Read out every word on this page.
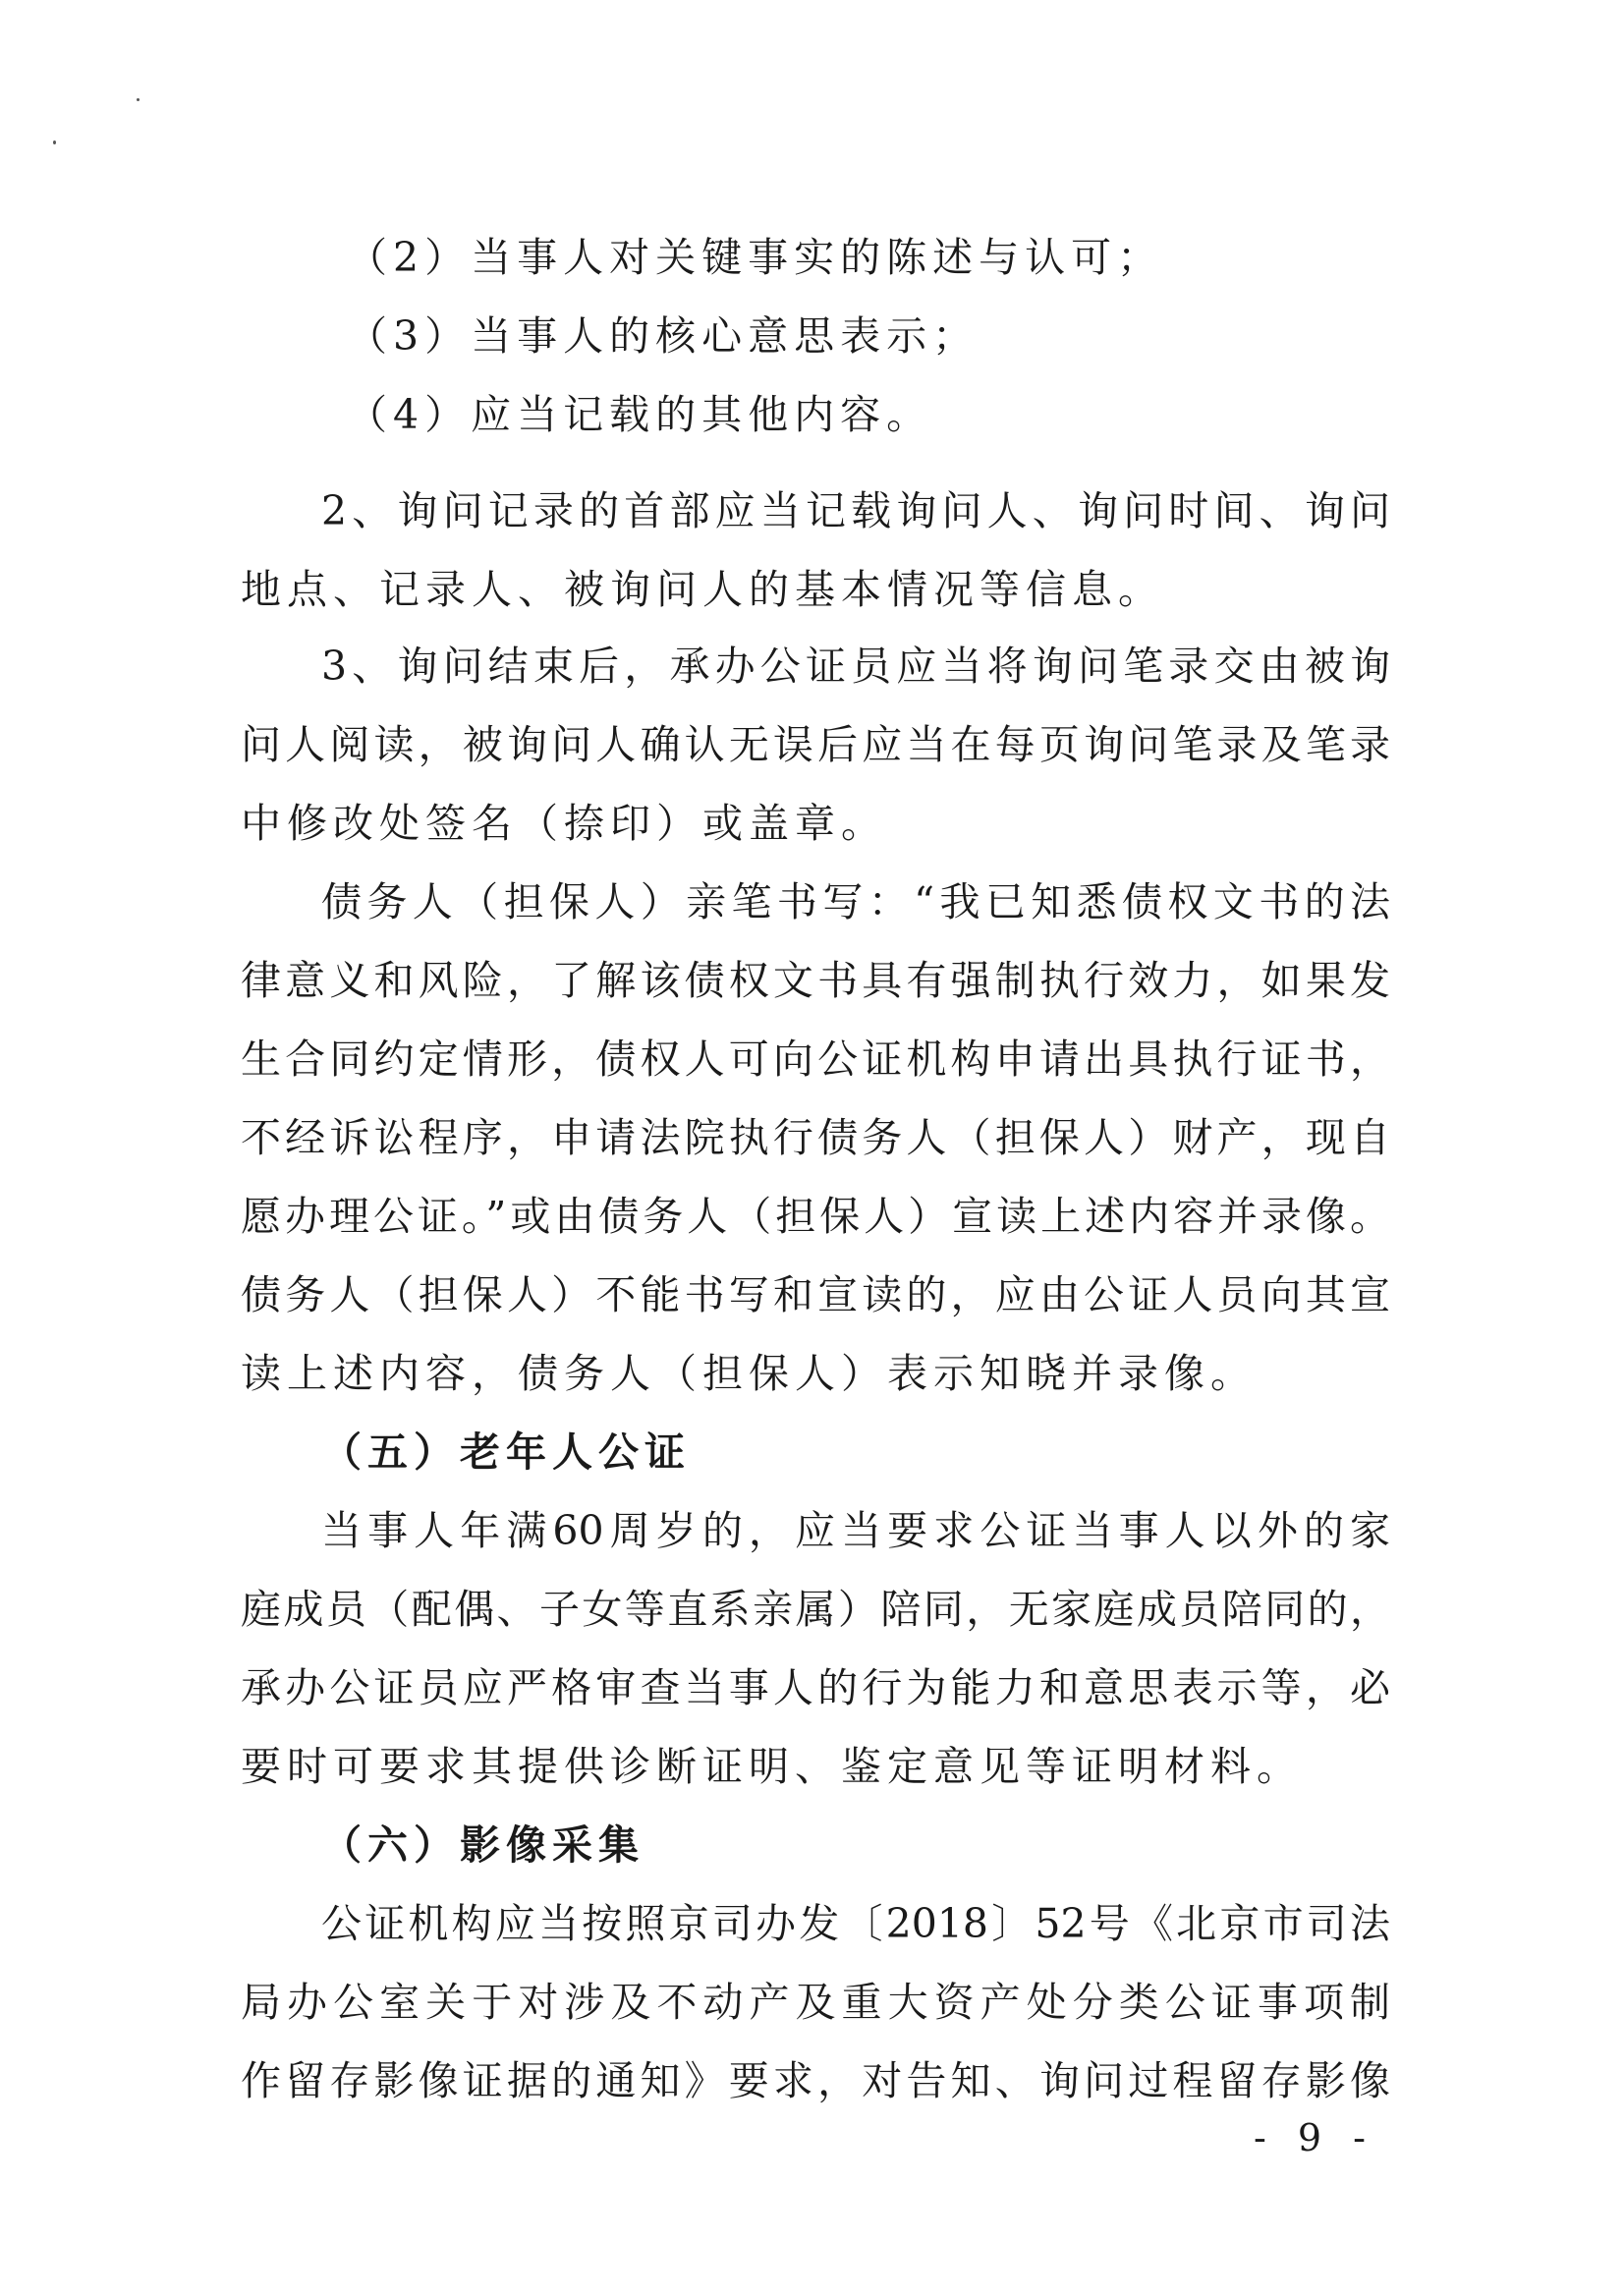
（2）当事人对关键事实的陈述与认可；
（3）当事人的核心意思表示；
（4）应当记载的其他内容。
2、询问记录的首部应当记载询问人、询问时间、询问
地点、记录人、被询问人的基本情况等信息。
3、询问结束后，承办公证员应当将询问笔录交由被询
问人阅读，被询问人确认无误后应当在每页询问笔录及笔录
中修改处签名（捺印）或盖章。
债务人（担保人）亲笔书写：“我已知悉债权文书的法
律意义和风险，了解该债权文书具有强制执行效力，如果发
生合同约定情形，债权人可向公证机构申请出具执行证书，
不经诉讼程序，申请法院执行债务人（担保人）财产，现自
愿办理公证。”或由债务人（担保人）宣读上述内容并录像。
债务人（担保人）不能书写和宣读的，应由公证人员向其宣
读上述内容，债务人（担保人）表示知晓并录像。
（五）老年人公证
当事人年满60周岁的，应当要求公证当事人以外的家
庭成员（配偶、子女等直系亲属）陪同，无家庭成员陪同的，
承办公证员应严格审查当事人的行为能力和意思表示等，必
要时可要求其提供诊断证明、鉴定意见等证明材料。
（六）影像采集
公证机构应当按照京司办发〔2018〕52号《北京市司法
局办公室关于对涉及不动产及重大资产处分类公证事项制
作留存影像证据的通知》要求，对告知、询问过程留存影像
- 9 -
